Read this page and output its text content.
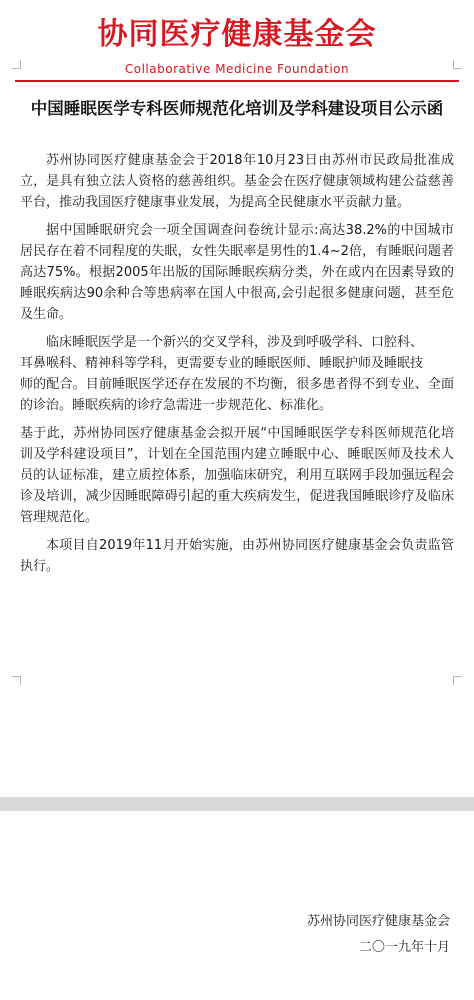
协同医疗健康基金会
Collaborative Medicine Foundation
中国睡眠医学专科医师规范化培训及学科建设项目公示函

苏州协同医疗健康基金会于2018年10月23日由苏州市民政局批准成立，是具有独立法人资格的慈善组织。基金会在医疗健康领域构建公益慈善平台，推动我国医疗健康事业发展，为提高全民健康水平贡献力量。

据中国睡眠研究会一项全国调查问卷统计显示:高达38.2%的中国城市居民存在着不同程度的失眠，女性失眠率是男性的1.4~2倍，有睡眠问题者高达75%。根据2005年出版的国际睡眠疾病分类，外在或内在因素导致的睡眠疾病达90余种合等患病率在国人中很高,会引起很多健康问题，甚至危及生命。

临床睡眠医学是一个新兴的交叉学科，涉及到呼吸学科、口腔科、

耳鼻喉科、精神科等学科，更需要专业的睡眠医师、睡眠护师及睡眠技

师的配合。目前睡眠医学还存在发展的不均衡，很多患者得不到专业、全面的诊治。睡眠疾病的诊疗急需进一步规范化、标准化。

基于此，苏州协同医疗健康基金会拟开展“中国睡眠医学专科医师规范化培训及学科建设项目”，计划在全国范围内建立睡眠中心、睡眠医师及技术人员的认证标准，建立质控体系，加强临床研究，利用互联网手段加强远程会诊及培训，减少因睡眠障碍引起的重大疾病发生，促进我国睡眠诊疗及临床管理规范化。

本项目自2019年11月开始实施，由苏州协同医疗健康基金会负责监管执行。

苏州协同医疗健康基金会
二〇一九年十月
